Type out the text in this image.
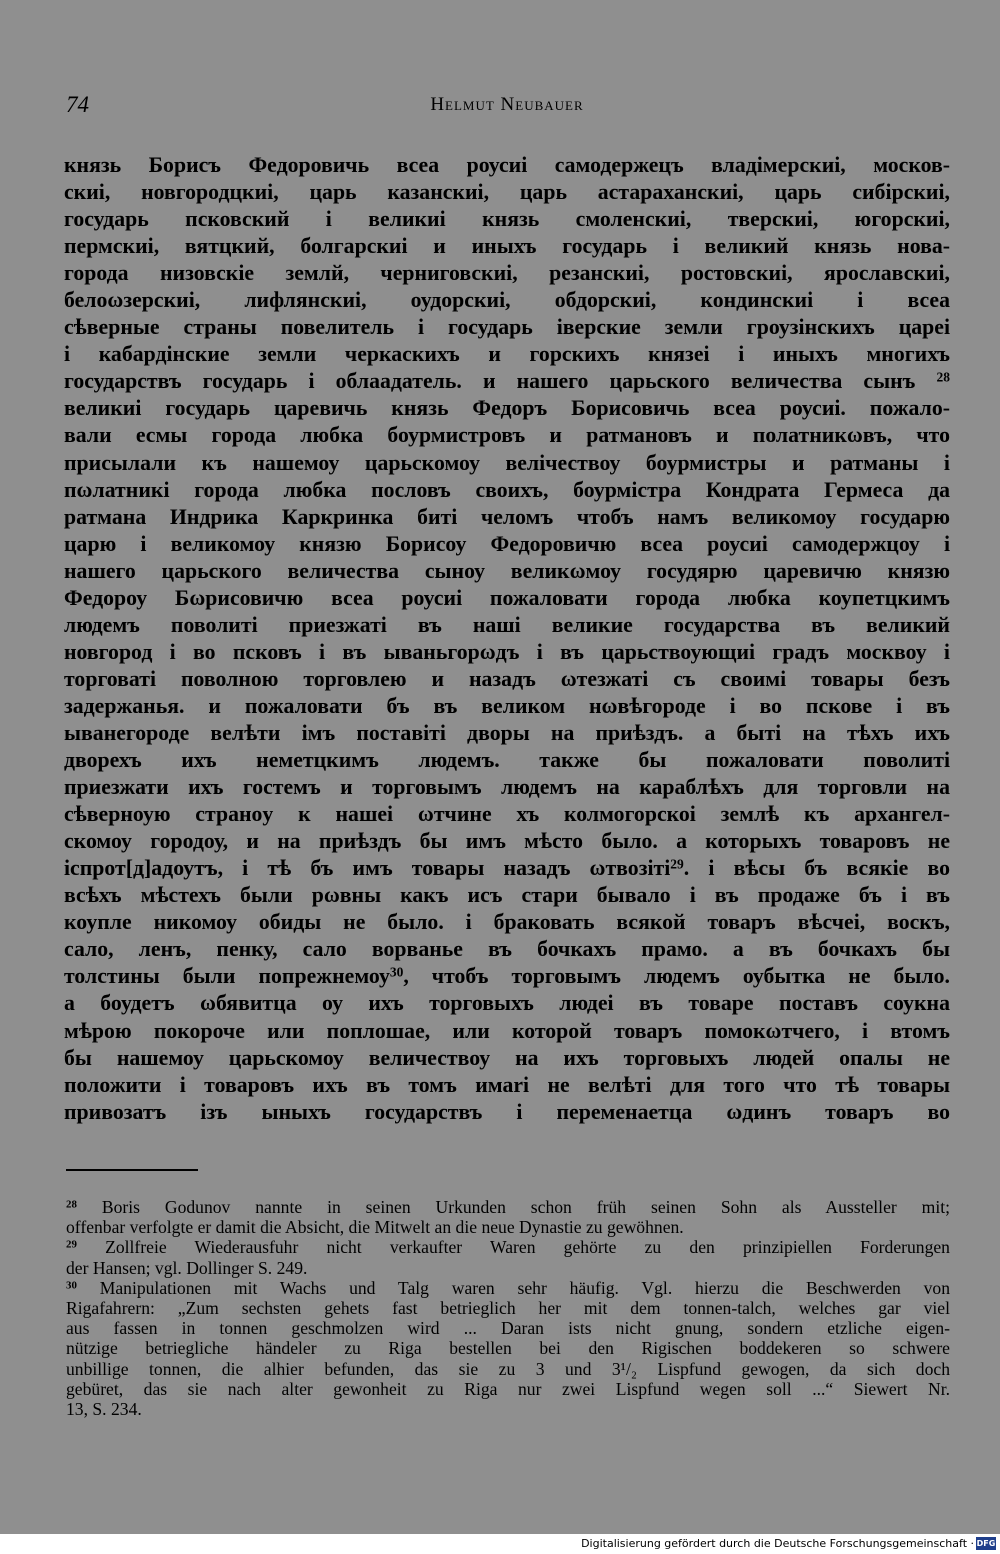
74	Helmut Neubauer
князь Борисъ Федоровичь всеа роусиі самодержецъ владімерскиі, москов-
скиі, новгородцкиі, царь казанскиі, царь астараханскиі, царь сибірскиі,
государь псковский і великиі князь смоленскиі, тверскиі, югорскиі,
пермскиі, вятцкий, болгарскиі и иныхъ государь і великий князь нова-
города низовскіе землй, черниговскиі, резанскиі, ростовскиі, ярославскиі,
белоωзерскиі, лифлянскиі, оудорскиі, обдорскиі, кондинскиі і всеа
сѣверные страны повелитель і государь іверские земли гроузінскихъ цареі
і кабардінские земли черкаскихъ и горскихъ князеі і иныхъ многихъ
государствъ государь і облаадатель. и нашего царьского величества сынъ $^{28}$
великиі государь царевичь князь Федоръ Борисовичь всеа роусиі. пожало-
вали есмы города любка боурмистровъ и ратмановъ и полатникωвъ, что
присылали къ нашемоу царьскомоу велічествоу боурмистры и ратманы і
пωлатникі города любка пословъ своихъ, боурмістра Кондрата Гермеса да
ратмана Индрика Каркринка биті челомъ чтобъ намъ великомоу государю
царю і великомоу князю Борисоу Федоровичю всеа роусиі самодержцоу і
нашего царьского величества сыноу великωмоу госудярю царевичю князю
Федороу Бωрисовичю всеа роусиі пожаловати города любка коупетцкимъ
людемъ поволиті приезжаті въ наші великие государства въ великий
новгород і во псковъ і въ ываньгорωдъ і въ царьствоующиі градъ москвоу і
торговаті поволною торговлею и назадъ ωтезжаті съ своимі товары безъ
задержанья. и пожаловати бъ въ великом нωвѣгороде і во пскове і въ
ыванегороде велѣти імъ поставіті дворы на приѣздъ. а быті на тѣхъ ихъ
дворехъ ихъ неметцкимъ людемъ. также бы пожаловати поволиті
приезжати ихъ гостемъ и торговымъ людемъ на караблѣхъ для торговли на
сѣверноую странoу к нашеі ωтчине хъ колмогорскоі землѣ къ архангел-
скомоу городоу, и на приѣздъ бы имъ мѣсто было. а которыхъ товаровъ не
іспрот[д]адоутъ, і тѣ бъ имъ товары назадъ ωтвозіті$^{29}$. і вѣсы бъ всякіе во
всѣхъ мѣстехъ были рωвны какъ исъ стари бывало і въ продаже бъ і въ
коупле никомоу обиды не было. і браковать всякой товаръ вѣсчеі, воскъ,
сало, ленъ, пенку, сало ворванье въ бочкахъ прамо. а въ бочкахъ бы
толстины были попрежнемоу$^{30}$, чтобъ торговымъ людемъ оубытка не было.
а боудетъ ωбявитца оу ихъ торговыхъ людеі въ товаре поставъ соукна
мѣрою покороче или поплошае, или которой товаръ помокωтчего, і втомъ
бы нашемоу царьскомоу величествоу на ихъ торговыхъ людей опалы не
положити і товаровъ ихъ въ томъ имаrі не велѣті для того что тѣ товары
привозатъ ізъ ыныхъ государствъ і переменаетца ωдинъ товаръ во
$^{28}$ Boris Godunov nannte in seinen Urkunden schon früh seinen Sohn als Aussteller mit;
offenbar verfolgte er damit die Absicht, die Mitwelt an die neue Dynastie zu gewöhnen.
$^{29}$ Zollfreie Wiederausfuhr nicht verkaufter Waren gehörte zu den prinzipiellen Forderungen
der Hansen; vgl. Dollinger S. 249.
$^{30}$ Manipulationen mit Wachs und Talg waren sehr häufig. Vgl. hierzu die Beschwerden von
Rigafahrern: „Zum sechsten gehets fast betrieglich her mit dem tonnen-talch, welches gar viel
aus fassen in tonnen geschmolzen wird ... Daran ists nicht gnung, sondern etzliche eigen-
nützige betriegliche händeler zu Riga bestellen bei den Rigischen boddekeren so schwere
unbillige tonnen, die alhier befunden, das sie zu 3 und 3¹/₂ Lispfund gewogen, da sich doch
gebüret, das sie nach alter gewonheit zu Riga nur zwei Lispfund wegen soll ...“ Siewert Nr.
13, S. 234.
Digitalisierung gefördert durch die Deutsche Forschungsgemeinschaft · DFG
